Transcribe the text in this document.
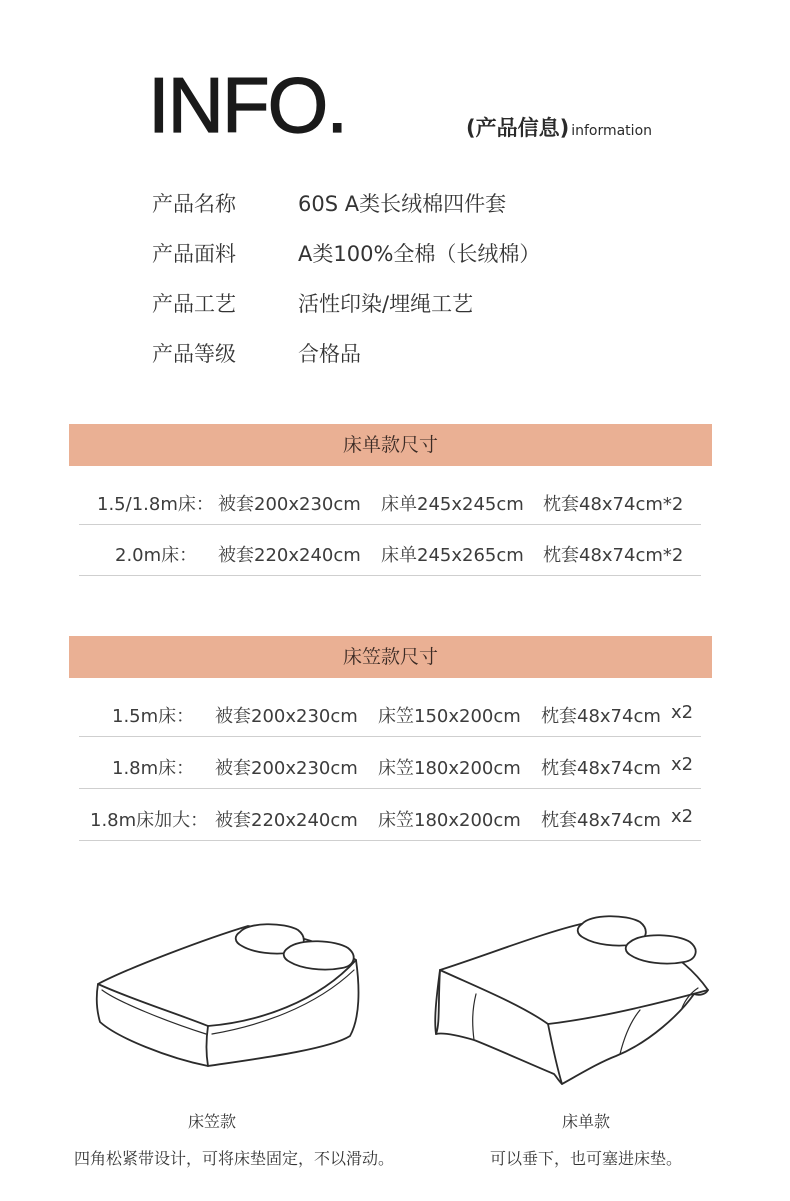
INFO.	(产品信息) information
产品名称	60S A类长绒棉四件套
产品面料	A类100%全棉（长绒棉）
产品工艺	活性印染/埋绳工艺
产品等级	合格品
床单款尺寸
1.5/1.8m床： 被套200x230cm 床单245x245cm 枕套48x74cm*2
2.0m床： 被套220x240cm 床单245x265cm 枕套48x74cm*2
床笠款尺寸
1.5m床： 被套200x230cm 床笠150x200cm 枕套48x74cm x2
1.8m床： 被套200x230cm 床笠180x200cm 枕套48x74cm x2
1.8m床加大： 被套220x240cm 床笠180x200cm 枕套48x74cm x2
床笠款
四角松紧带设计，可将床垫固定，不以滑动。
床单款
可以垂下，也可塞进床垫。
